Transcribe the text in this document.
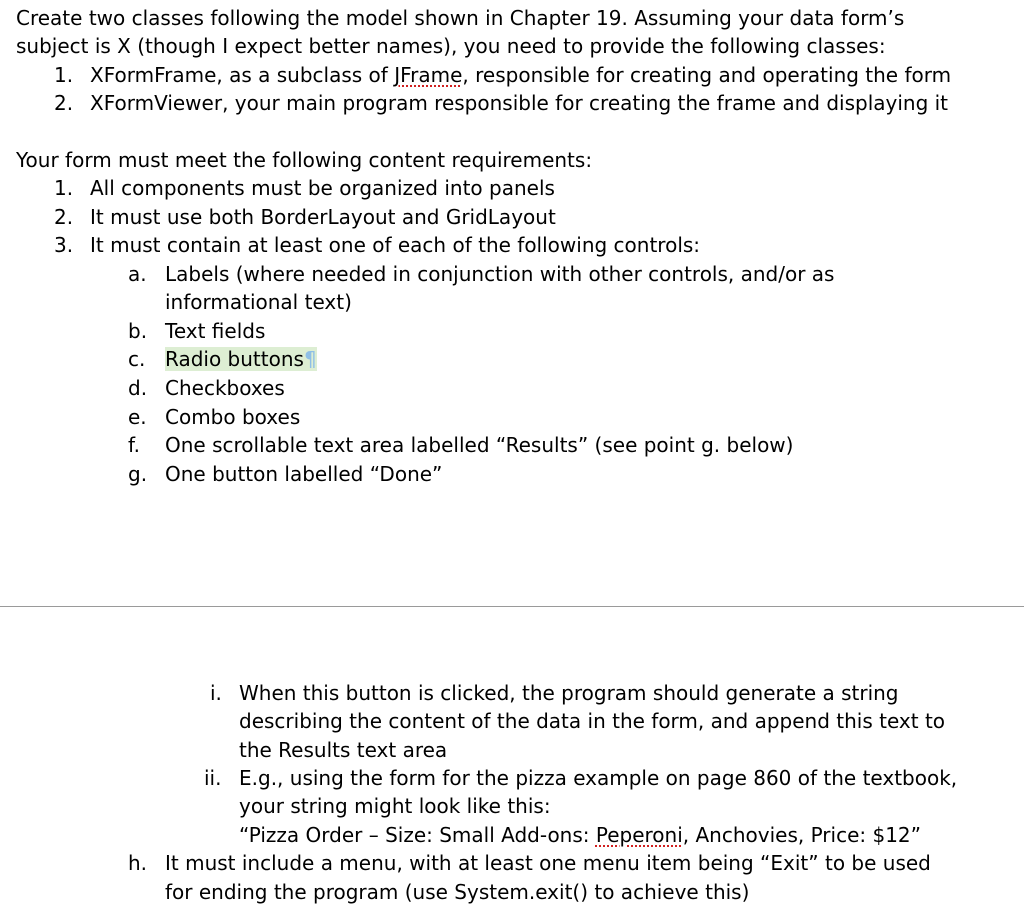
Create two classes following the model shown in Chapter 19. Assuming your data form’s
subject is X (though I expect better names), you need to provide the following classes:
1. XFormFrame, as a subclass of JFrame, responsible for creating and operating the form
2. XFormViewer, your main program responsible for creating the frame and displaying it
Your form must meet the following content requirements:
1. All components must be organized into panels
2. It must use both BorderLayout and GridLayout
3. It must contain at least one of each of the following controls:
a. Labels (where needed in conjunction with other controls, and/or as
informational text)
b. Text fields
c. Radio buttons¶
d. Checkboxes
e. Combo boxes
f. One scrollable text area labelled “Results” (see point g. below)
g. One button labelled “Done”
i. When this button is clicked, the program should generate a string
describing the content of the data in the form, and append this text to
the Results text area
ii. E.g., using the form for the pizza example on page 860 of the textbook,
your string might look like this:
“Pizza Order – Size: Small Add-ons: Peperoni, Anchovies, Price: $12”
h. It must include a menu, with at least one menu item being “Exit” to be used
for ending the program (use System.exit() to achieve this)
